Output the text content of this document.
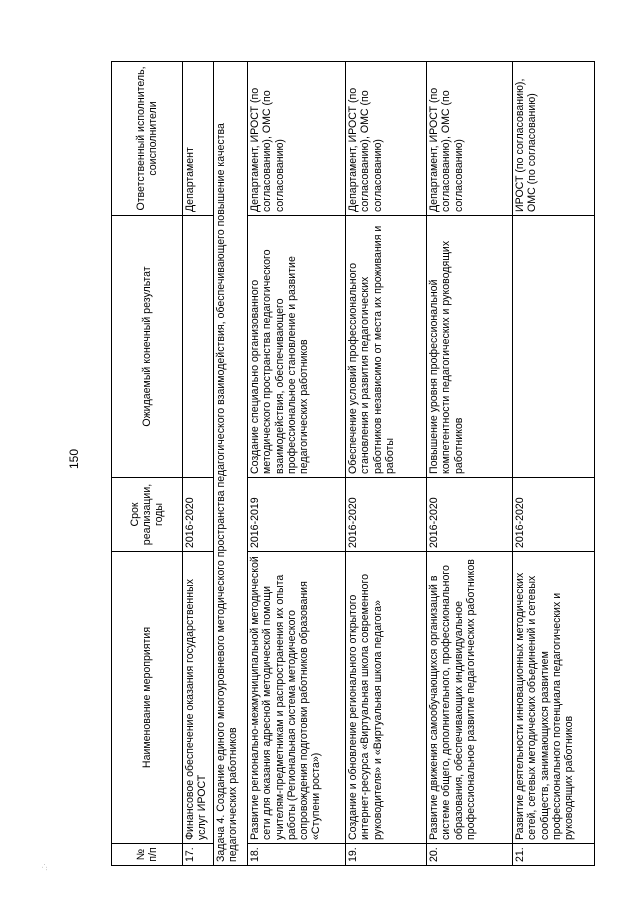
150
№ п/п	Наименование мероприятия	Срок реализации, годы	Ожидаемый конечный результат	Ответственный исполнитель, соисполнители
17.	Финансовое обеспечение оказания государственных услуг ИРОСТ	2016-2020		Департамент
Задача 4. Создание единого многоуровневого методического пространства педагогического взаимодействия, обеспечивающего повышение качества педагогических работников				
18.	Развитие регионально-межмуниципальной методической сети для оказания адресной методической помощи учителям-предметникам и распространения их опыта работы (Региональная система методического сопровождения подготовки работников образования «Ступени роста»)	2016-2019	Создание специально организованного методического пространства педагогического взаимодействия, обеспечивающего профессиональное становление и развитие педагогических работников	Департамент, ИРОСТ (по согласованию), ОМС (по согласованию)
19.	Создание и обновление регионального открытого интернет-ресурса «Виртуальная школа современного руководителя» и «Виртуальная школа педагога»	2016-2020	Обеспечение условий профессионального становления и развития педагогических работников независимо от места их проживания и работы	Департамент, ИРОСТ (по согласованию), ОМС (по согласованию)
20.	Развитие движения самообучающихся организаций в системе общего, дополнительного, профессионального образования, обеспечивающих индивидуальное профессиональное развитие педагогических работников	2016-2020	Повышение уровня профессиональной компетентности педагогических и руководящих работников	Департамент, ИРОСТ (по согласованию), ОМС (по согласованию)
21.	Развитие деятельности инновационных методических сетей, сетевых методических объединений и сетевых сообществ, занимающихся развитием профессионального потенциала педагогических и руководящих работников	2016-2020		ИРОСТ (по согласованию), ОМС (по согласованию)
.:·
